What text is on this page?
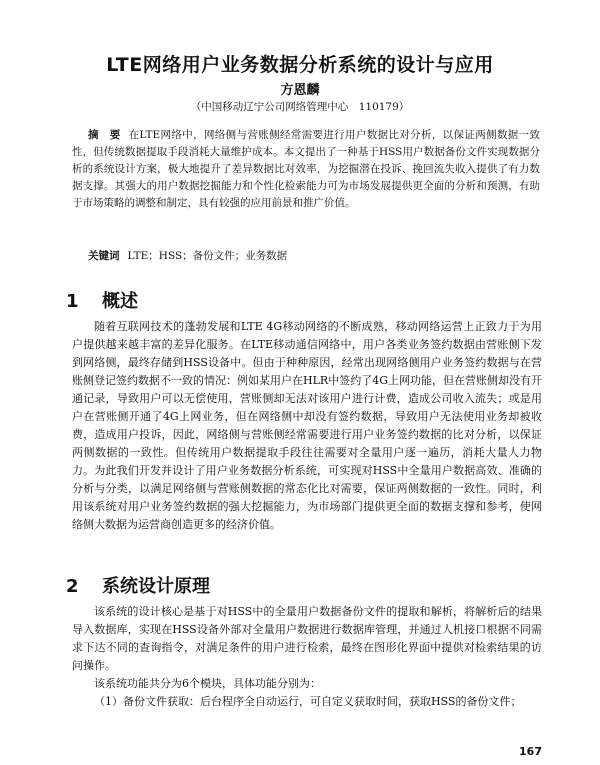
LTE网络用户业务数据分析系统的设计与应用
方恩麟
（中国移动辽宁公司网络管理中心　110179）
摘　要 在LTE网络中，网络侧与营账侧经常需要进行用户数据比对分析，以保证两侧数据一致性，但传统数据提取手段消耗大量维护成本。本文提出了一种基于HSS用户数据备份文件实现数据分析的系统设计方案，极大地提升了差异数据比对效率，为挖掘潜在投诉、挽回流失收入提供了有力数据支撑。其强大的用户数据挖掘能力和个性化检索能力可为市场发展提供更全面的分析和预测，有助于市场策略的调整和制定，具有较强的应用前景和推广价值。
关键词 LTE；HSS；备份文件；业务数据
1 概述
随着互联网技术的蓬勃发展和LTE 4G移动网络的不断成熟，移动网络运营上正致力于为用户提供越来越丰富的差异化服务。在LTE移动通信网络中，用户各类业务签约数据由营账侧下发到网络侧，最终存储到HSS设备中。但由于种种原因，经常出现网络侧用户业务签约数据与在营账侧登记签约数据不一致的情况：例如某用户在HLR中签约了4G上网功能，但在营账侧却没有开通记录，导致用户可以无偿使用，营账侧却无法对该用户进行计费，造成公司收入流失；或是用户在营账侧开通了4G上网业务，但在网络侧中却没有签约数据，导致用户无法使用业务却被收费，造成用户投诉，因此，网络侧与营账侧经常需要进行用户业务签约数据的比对分析，以保证两侧数据的一致性。但传统用户数据提取手段往往需要对全量用户逐一遍历，消耗大量人力物力。为此我们开发并设计了用户业务数据分析系统，可实现对HSS中全量用户数据高效、准确的分析与分类，以满足网络侧与营账侧数据的常态化比对需要，保证两侧数据的一致性。同时，利用该系统对用户业务签约数据的强大挖掘能力，为市场部门提供更全面的数据支撑和参考，使网络侧大数据为运营商创造更多的经济价值。
2 系统设计原理
该系统的设计核心是基于对HSS中的全量用户数据备份文件的提取和解析，将解析后的结果导入数据库，实现在HSS设备外部对全量用户数据进行数据库管理，并通过人机接口根据不同需求下达不同的查询指令，对满足条件的用户进行检索，最终在图形化界面中提供对检索结果的访问操作。
该系统功能共分为6个模块，具体功能分别为：
（1）备份文件获取：后台程序全自动运行，可自定义获取时间，获取HSS的备份文件；
167
